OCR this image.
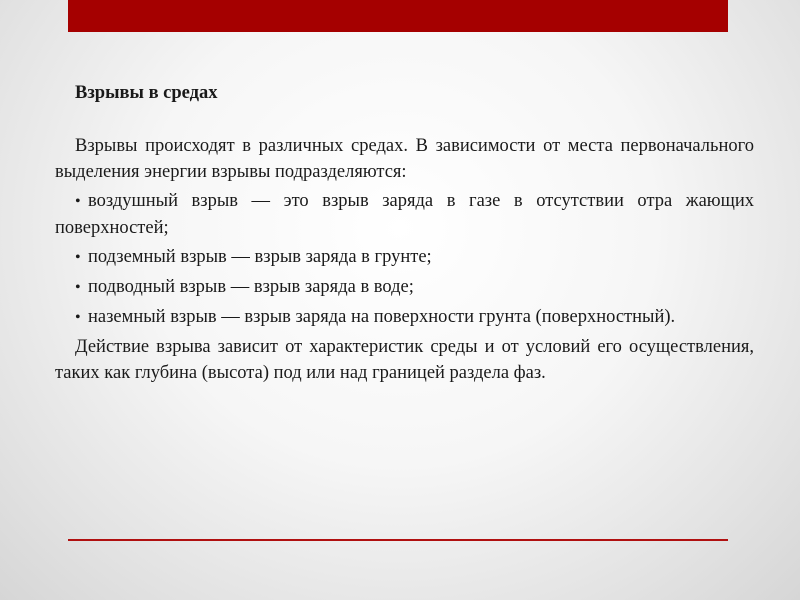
Взрывы в средах

Взрывы происходят в различных средах. В зависимости от места первоначального выделения энергии взрывы подразделяются:

• воздушный взрыв — это взрыв заряда в газе в отсутствии отра жающих поверхностей;

• подземный взрыв — взрыв заряда в грунте;

• подводный взрыв — взрыв заряда в воде;

• наземный взрыв — взрыв заряда на поверхности грунта (поверхностный).

Действие взрыва зависит от характеристик среды и от условий его осуществления, таких как глубина (высота) под или над границей раздела фаз.
